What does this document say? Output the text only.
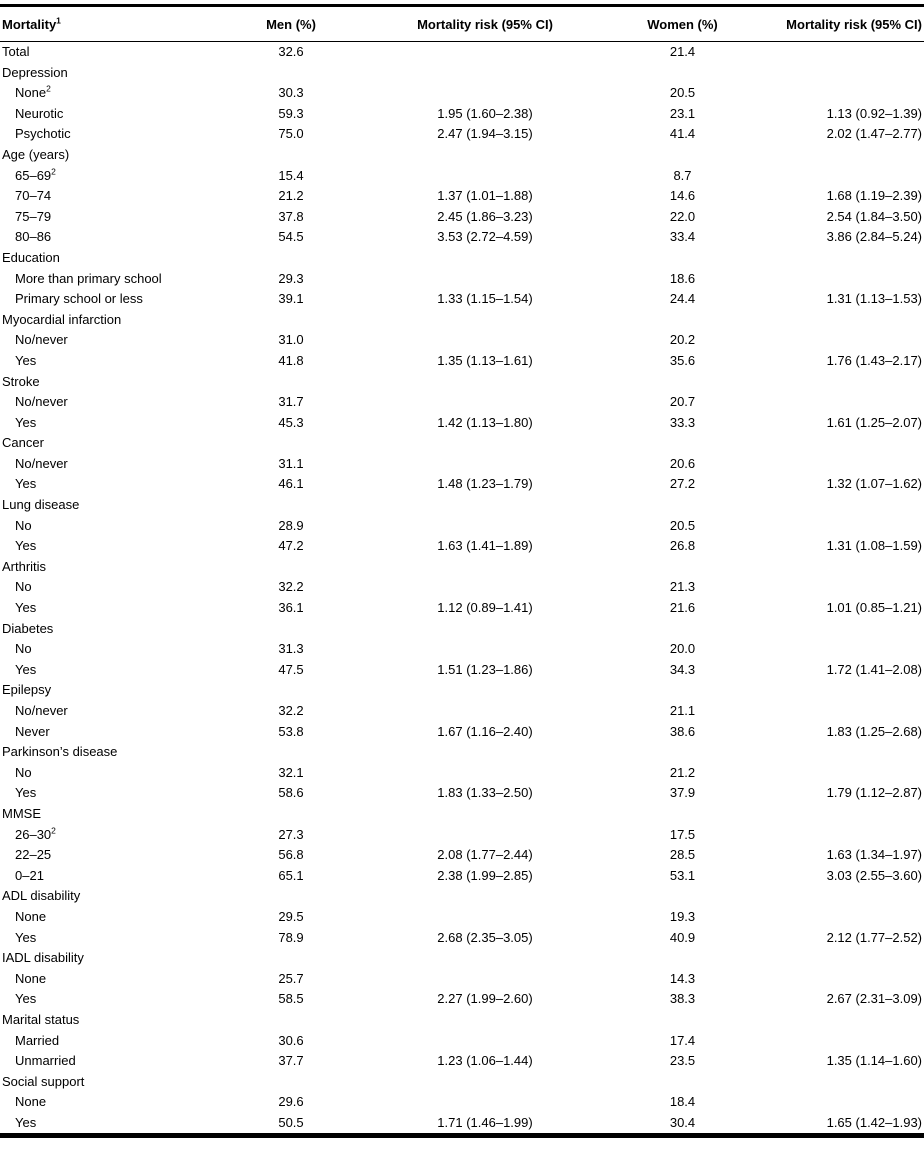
Mortality$^1$	Men (%)	Mortality risk (95% CI)	Women (%)	Mortality risk (95% CI)
Total	32.6		21.4	
Depression				
None$^2$	30.3		20.5	
Neurotic	59.3	1.95 (1.60–2.38)	23.1	1.13 (0.92–1.39)
Psychotic	75.0	2.47 (1.94–3.15)	41.4	2.02 (1.47–2.77)
Age (years)				
$65-69^2$	15.4		8.7	
70–74	21.2	1.37 (1.01–1.88)	14.6	1.68 (1.19–2.39)
75–79	37.8	2.45 (1.86–3.23)	22.0	2.54 (1.84–3.50)
80–86	54.5	3.53 (2.72–4.59)	33.4	3.86 (2.84–5.24)
Education				
More than primary school	29.3		18.6	
Primary school or less	39.1	1.33 (1.15–1.54)	24.4	1.31 (1.13–1.53)
Myocardial infarction				
No/never	31.0		20.2	
Yes	41.8	1.35 (1.13–1.61)	35.6	1.76 (1.43–2.17)
Stroke				
No/never	31.7		20.7	
Yes	45.3	1.42 (1.13–1.80)	33.3	1.61 (1.25–2.07)
Cancer				
No/never	31.1		20.6	
Yes	46.1	1.48 (1.23–1.79)	27.2	1.32 (1.07–1.62)
Lung disease				
No	28.9		20.5	
Yes	47.2	1.63 (1.41–1.89)	26.8	1.31 (1.08–1.59)
Arthritis				
No	32.2		21.3	
Yes	36.1	1.12 (0.89–1.41)	21.6	1.01 (0.85–1.21)
Diabetes				
No	31.3		20.0	
Yes	47.5	1.51 (1.23–1.86)	34.3	1.72 (1.41–2.08)
Epilepsy				
No/never	32.2		21.1	
Never	53.8	1.67 (1.16–2.40)	38.6	1.83 (1.25–2.68)
Parkinson’s disease				
No	32.1		21.2	
Yes	58.6	1.83 (1.33–2.50)	37.9	1.79 (1.12–2.87)
MMSE				
$26-30^2$	27.3		17.5	
22–25	56.8	2.08 (1.77–2.44)	28.5	1.63 (1.34–1.97)
0–21	65.1	2.38 (1.99–2.85)	53.1	3.03 (2.55–3.60)
ADL disability				
None	29.5		19.3	
Yes	78.9	2.68 (2.35–3.05)	40.9	2.12 (1.77–2.52)
IADL disability				
None	25.7		14.3	
Yes	58.5	2.27 (1.99–2.60)	38.3	2.67 (2.31–3.09)
Marital status				
Married	30.6		17.4	
Unmarried	37.7	1.23 (1.06–1.44)	23.5	1.35 (1.14–1.60)
Social support				
None	29.6		18.4	
Yes	50.5	1.71 (1.46–1.99)	30.4	1.65 (1.42–1.93)
